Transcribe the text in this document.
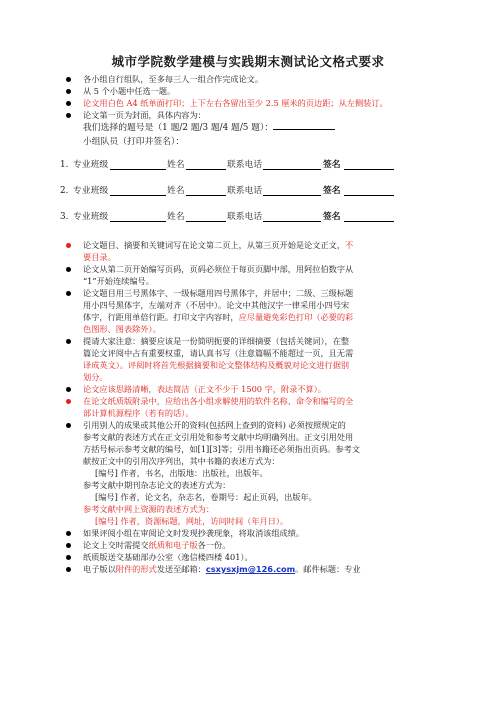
城市学院数学建模与实践期末测试论文格式要求
各小组自行组队，至多每三人一组合作完成论文。
从 5 个小题中任选一题。
论文用白色 A4 纸单面打印；上下左右各留出至少 2.5 厘米的页边距；从左侧装订。
论文第一页为封面，具体内容为：
我们选择的题号是（1 题/2 题/3 题/4 题/5 题）：
小组队员（打印并签名）：
1. 专业班级	姓名	联系电话	签名
2. 专业班级	姓名	联系电话	签名
3. 专业班级	姓名	联系电话	签名
论文题目、摘要和关键词写在论文第二页上，从第三页开始是论文正文，不
要目录。
论文从第二页开始编写页码，页码必须位于每页页脚中部，用阿拉伯数字从
“1”开始连续编号。
论文题目用三号黑体字、一级标题用四号黑体字，并居中；二级、三级标题
用小四号黑体字，左端对齐（不居中）。论文中其他汉字一律采用小四号宋
体字，行距用单倍行距。打印文字内容时，应尽量避免彩色打印（必要的彩
色图形、图表除外）。
提请大家注意：摘要应该是一份简明扼要的详细摘要（包括关键词），在整
篇论文评阅中占有重要权重，请认真书写（注意篇幅不能超过一页，且无需
译成英文）。评阅时将首先根据摘要和论文整体结构及概貌对论文进行据别
划分。
论文应该思路清晰，表达简洁（正文不少于 1500 字，附录不算）。
在论文纸质版附录中，应给出各小组求解使用的软件名称、命令和编写的全
部计算机源程序（若有的话）。
引用别人的成果或其他公开的资料(包括网上查到的资料) 必须按照规定的
参考文献的表述方式在正文引用处和参考文献中均明确列出。正文引用处用
方括号标示参考文献的编号，如[1][3]等；引用书籍还必须指出页码。参考文
献按正文中的引用次序列出，其中书籍的表述方式为：
[编号] 作者，书名，出版地：出版社，出版年。
参考文献中期刊杂志论文的表述方式为：
[编号] 作者，论文名，杂志名，卷期号：起止页码，出版年。
参考文献中网上资源的表述方式为：
[编号] 作者，资源标题，网址，访问时间（年月日）。
如果评阅小组在审阅论文时发现抄袭现象，将取消该组成绩。
论文上交时需提交纸质和电子版各一份。
纸质版送交基础部办公室（逸信楼四楼 401）。
电子版以附件的形式发送至邮箱：csxysxjm@126.com。邮件标题：专业
